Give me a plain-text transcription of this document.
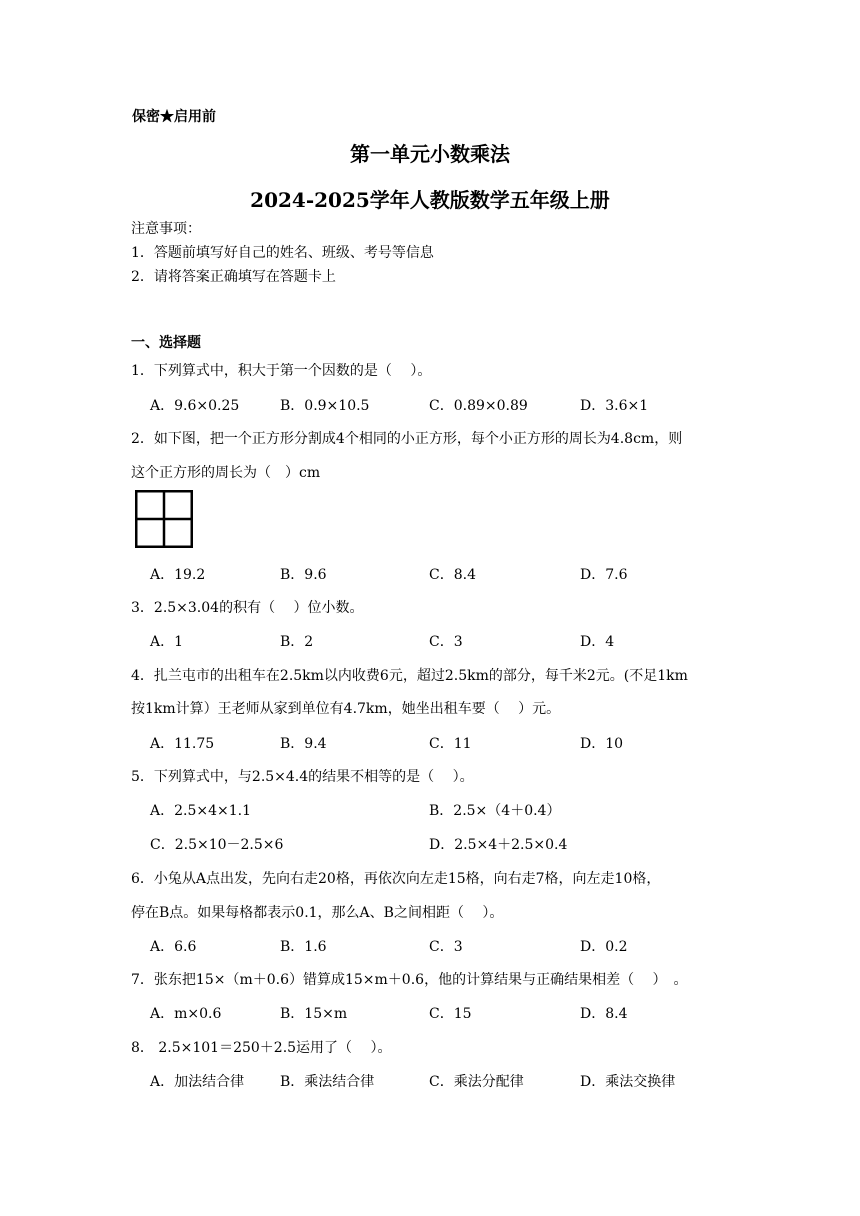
保密★启用前
第一单元小数乘法
2024-2025学年人教版数学五年级上册
注意事项：
1．答题前填写好自己的姓名、班级、考号等信息
2．请将答案正确填写在答题卡上
一、选择题
1．下列算式中，积大于第一个因数的是（　 ）。
A．9.6×0.25	B．0.9×10.5	C．0.89×0.89	D．3.6×1
2．如下图，把一个正方形分割成4个相同的小正方形，每个小正方形的周长为4.8cm，则
这个正方形的周长为（　）cm
A．19.2	B．9.6	C．8.4	D．7.6
3．2.5×3.04的积有（　 ）位小数。
A．1	B．2	C．3	D．4
4．扎兰屯市的出租车在2.5km以内收费6元，超过2.5km的部分，每千米2元。(不足1km
按1km计算）王老师从家到单位有4.7km，她坐出租车要（　 ）元。
A．11.75	B．9.4	C．11	D．10
5．下列算式中，与2.5×4.4的结果不相等的是（　 ）。
A．2.5×4×1.1	B．2.5×（4＋0.4）
C．2.5×10－2.5×6	D．2.5×4＋2.5×0.4
6．小兔从A点出发，先向右走20格，再依次向左走15格，向右走7格，向左走10格，
停在B点。如果每格都表示0.1，那么A、B之间相距（　 ）。
A．6.6	B．1.6	C．3	D．0.2
7．张东把15×（m＋0.6）错算成15×m＋0.6，他的计算结果与正确结果相差（　 ）　。
A．m×0.6	B．15×m	C．15	D．8.4
8． 2.5×101＝250＋2.5运用了（　 ）。
A．加法结合律	B．乘法结合律	C．乘法分配律	D．乘法交换律
